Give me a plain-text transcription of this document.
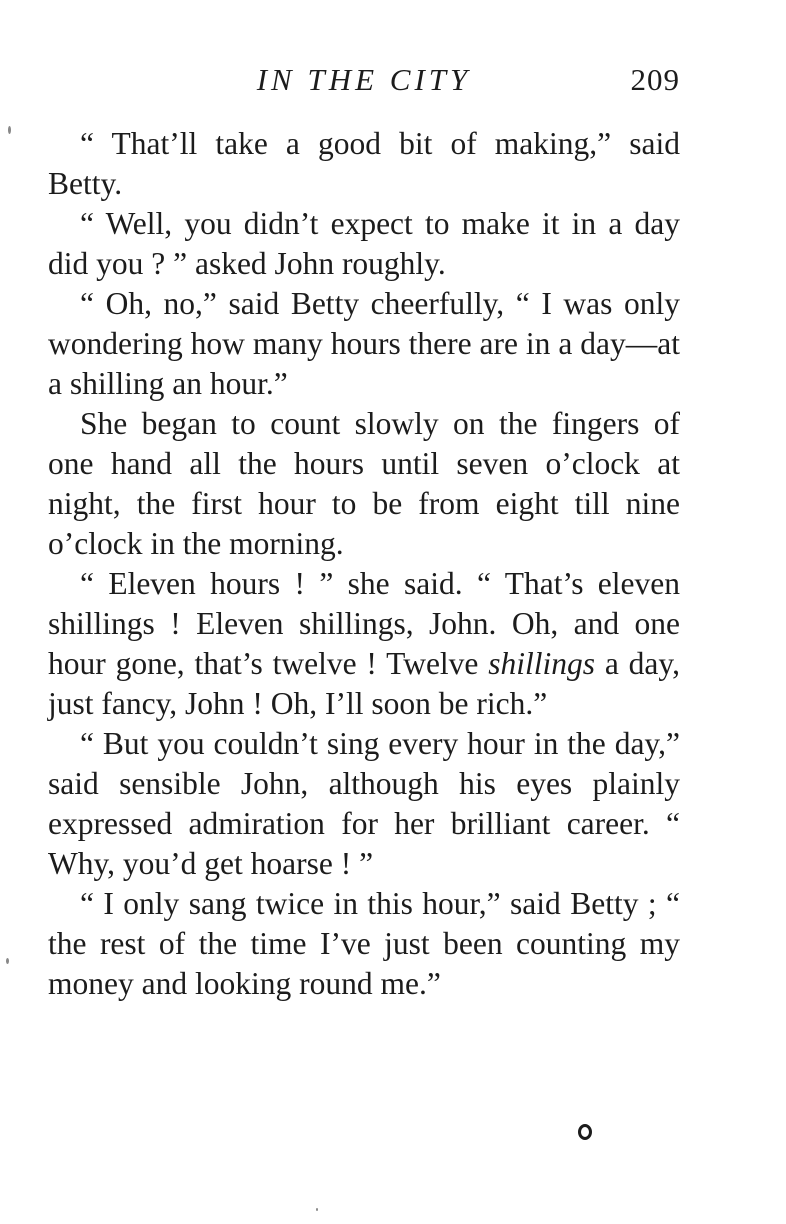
IN THE CITY	209

“ That’ll take a good bit of making,” said Betty.

“ Well, you didn’t expect to make it in a day did you ? ” asked John roughly.

“ Oh, no,” said Betty cheerfully, “ I was only wondering how many hours there are in a day—at a shilling an hour.”

She began to count slowly on the fingers of one hand all the hours until seven o’clock at night, the first hour to be from eight till nine o’clock in the morning.

“ Eleven hours ! ” she said. “ That’s eleven shillings ! Eleven shillings, John. Oh, and one hour gone, that’s twelve ! Twelve shillings a day, just fancy, John ! Oh, I’ll soon be rich.”

“ But you couldn’t sing every hour in the day,” said sensible John, although his eyes plainly expressed admiration for her brilliant career. “ Why, you’d get hoarse ! ”

“ I only sang twice in this hour,” said Betty ; “ the rest of the time I’ve just been counting my money and looking round me.”
